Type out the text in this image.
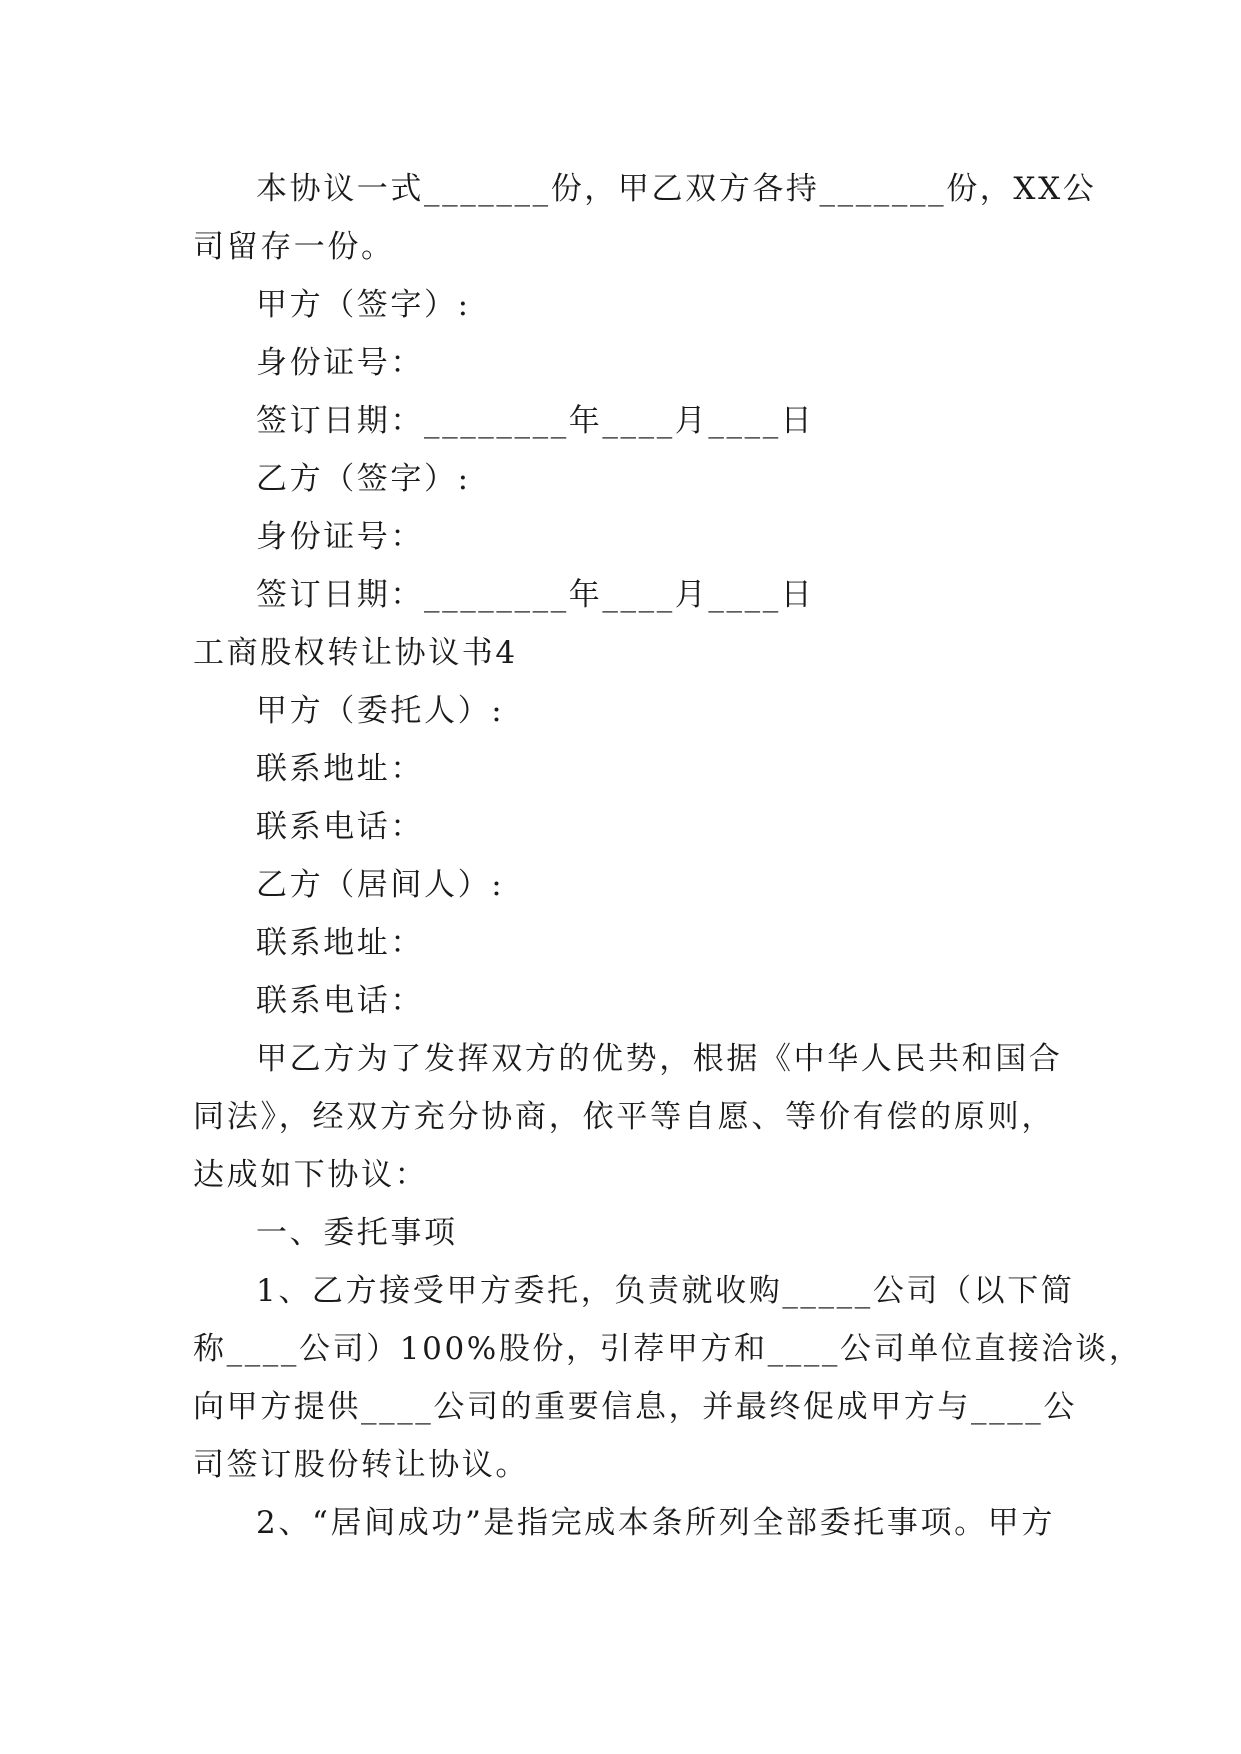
本协议一式_______份，甲乙双方各持_______份，XX公
司留存一份。
甲方（签字）:
身份证号：
签订日期：________年____月____日
乙方（签字）:
身份证号：
签订日期：________年____月____日
工商股权转让协议书4
甲方（委托人）:
联系地址：
联系电话：
乙方（居间人）:
联系地址：
联系电话：
甲乙方为了发挥双方的优势，根据《中华人民共和国合
同法》，经双方充分协商，依平等自愿、等价有偿的原则，
达成如下协议：
一、委托事项
1、乙方接受甲方委托，负责就收购_____公司（以下简
称____公司）100%股份，引荐甲方和____公司单位直接洽谈，
向甲方提供____公司的重要信息，并最终促成甲方与____公
司签订股份转让协议。
2、“居间成功”是指完成本条所列全部委托事项。甲方
